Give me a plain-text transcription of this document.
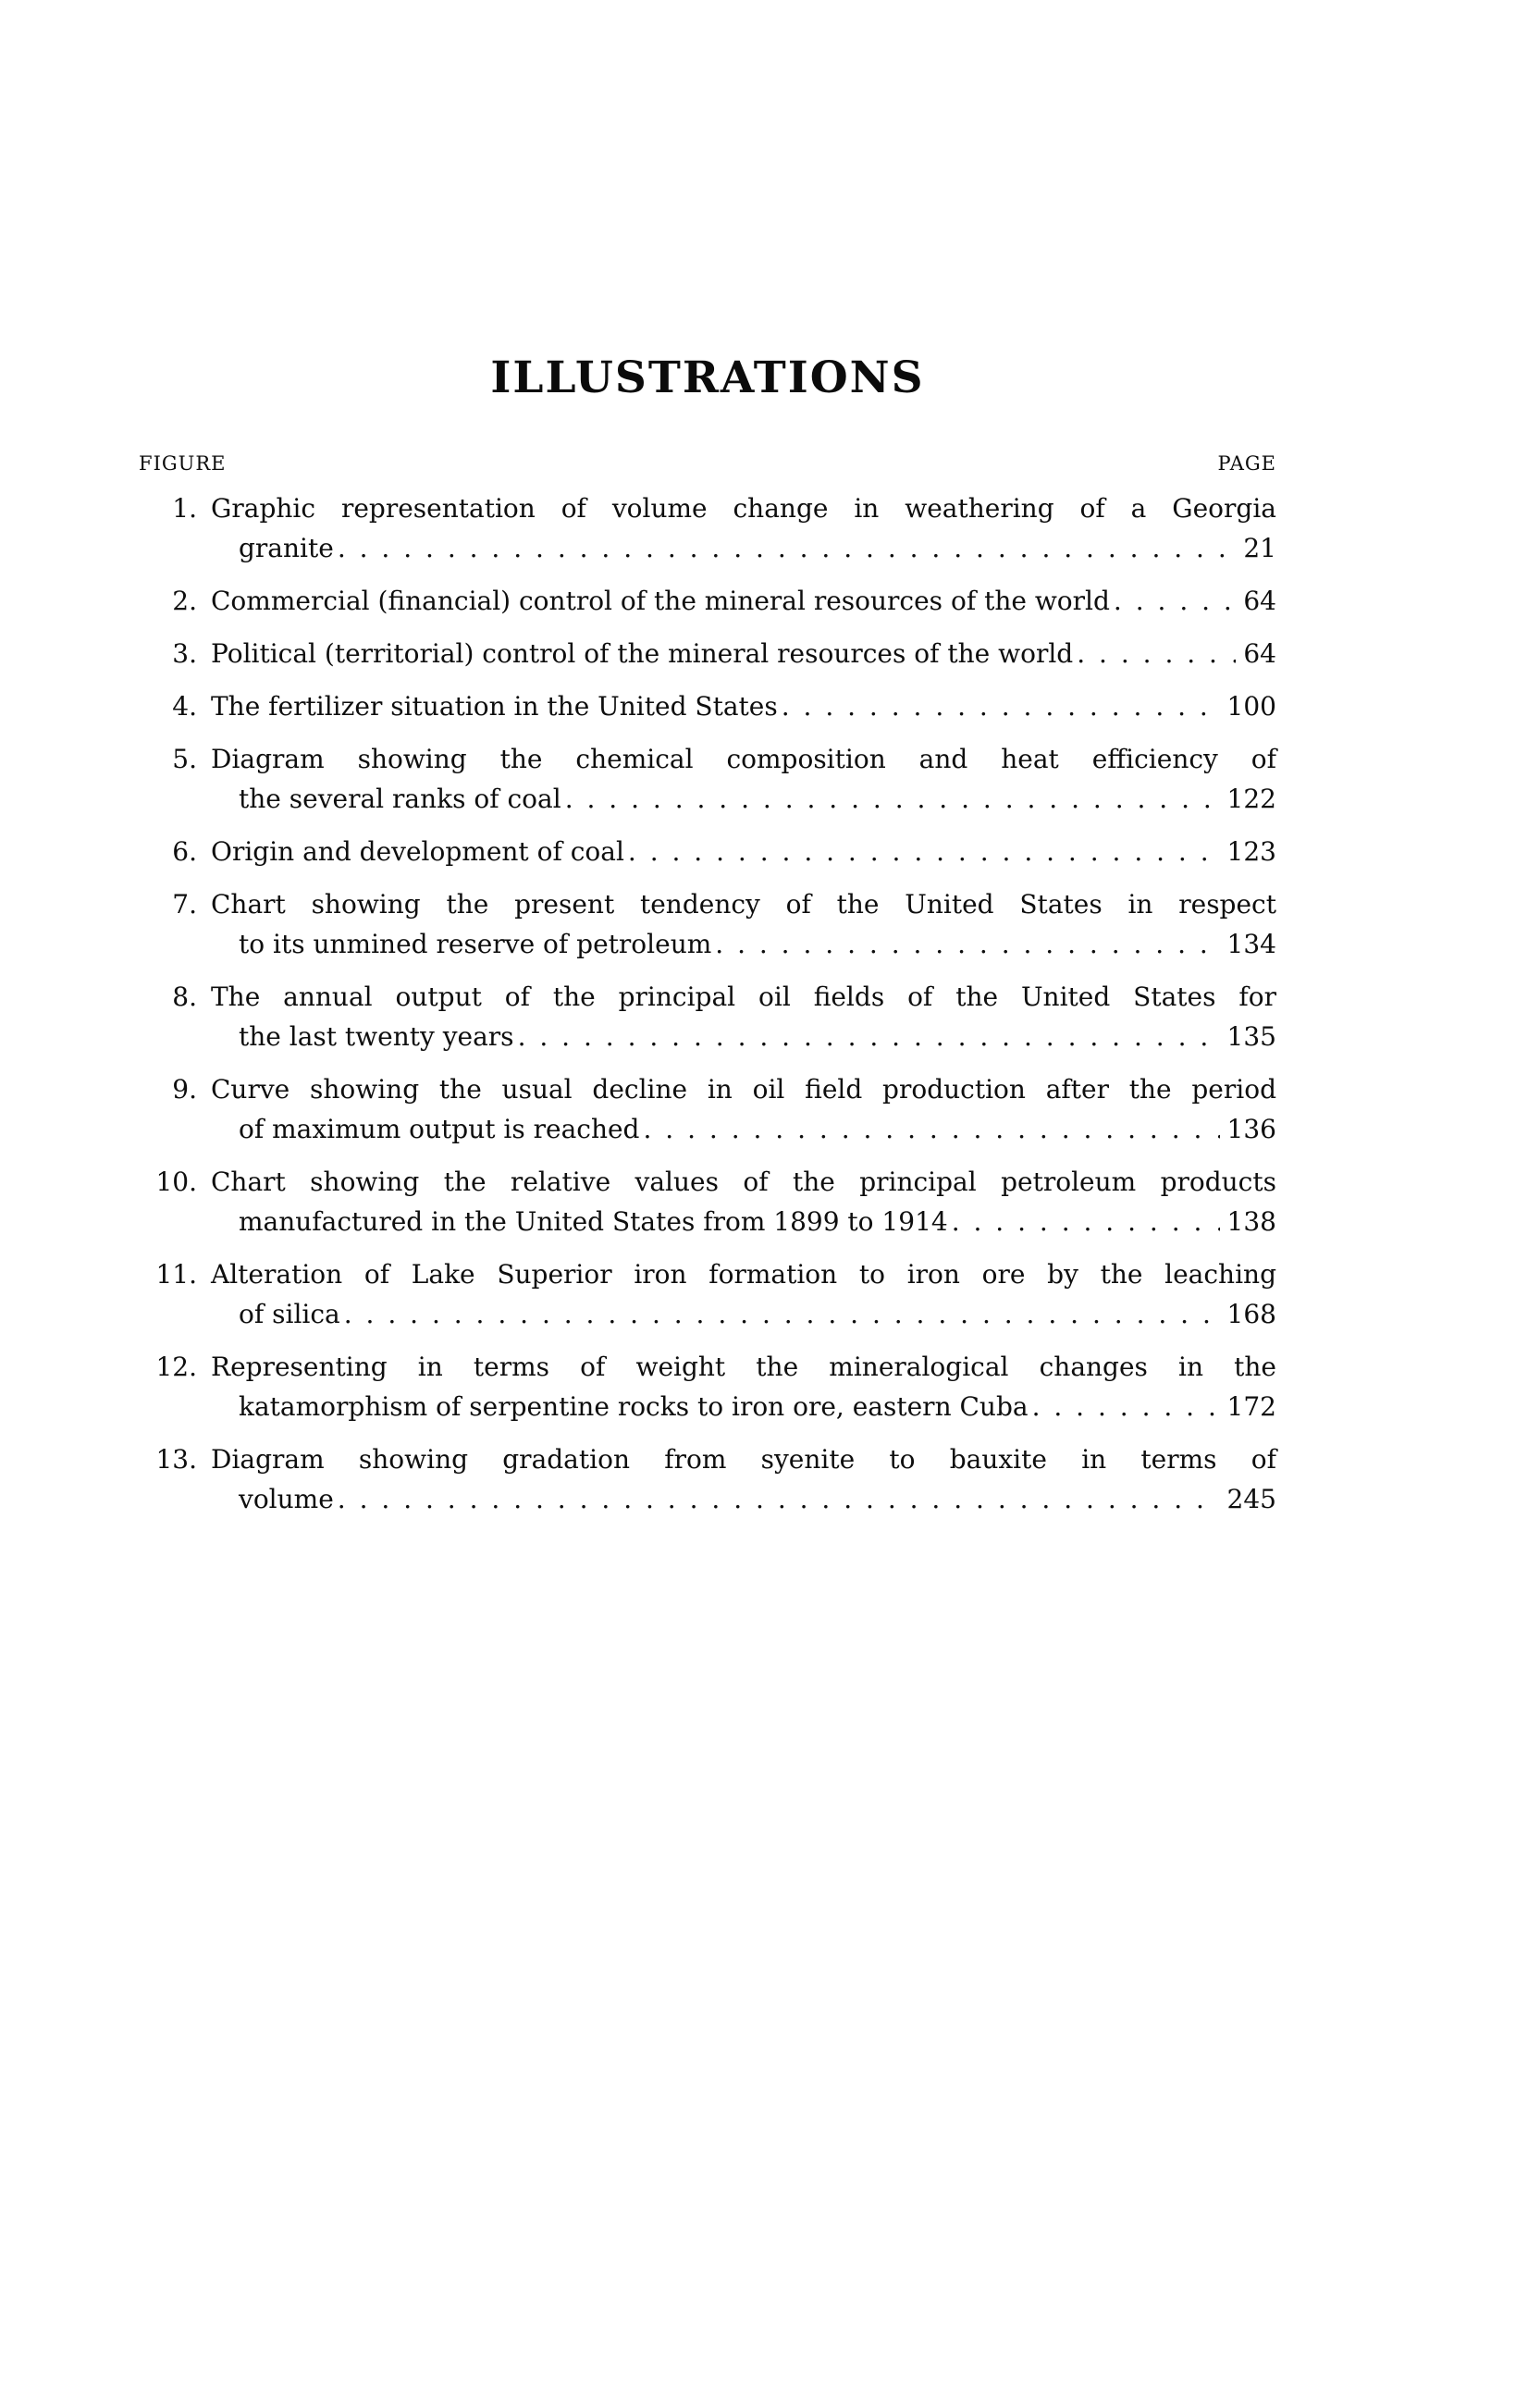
ILLUSTRATIONS
FIGURE	PAGE
1. Graphic representation of volume change in weathering of a Georgia
granite . . .	21
2. Commercial (financial) control of the mineral resources of the world . . .	64
3. Political (territorial) control of the mineral resources of the world . . .	64
4. The fertilizer situation in the United States . . .	100
5. Diagram showing the chemical composition and heat efficiency of
the several ranks of coal . . .	122
6. Origin and development of coal . . .	123
7. Chart showing the present tendency of the United States in respect
to its unmined reserve of petroleum . . .	134
8. The annual output of the principal oil fields of the United States for
the last twenty years . . .	135
9. Curve showing the usual decline in oil field production after the period
of maximum output is reached . . .	136
10. Chart showing the relative values of the principal petroleum products
manufactured in the United States from 1899 to 1914 . . .	138
11. Alteration of Lake Superior iron formation to iron ore by the leaching
of silica . . .	168
12. Representing in terms of weight the mineralogical changes in the
katamorphism of serpentine rocks to iron ore, eastern Cuba . . .	172
13. Diagram showing gradation from syenite to bauxite in terms of
volume . . .	245
